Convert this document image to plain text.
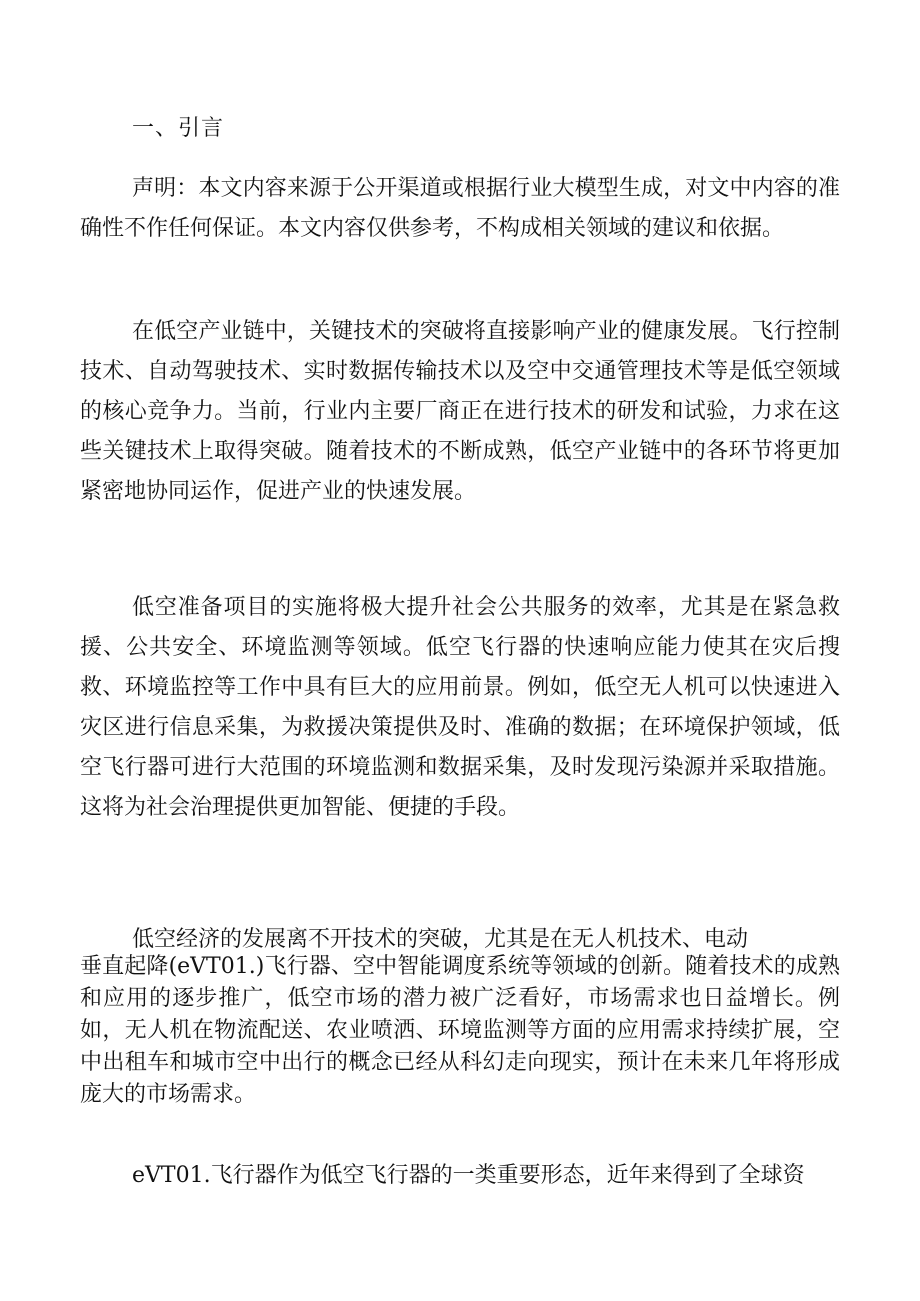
一、引言

声明：本文内容来源于公开渠道或根据行业大模型生成，对文中内容的准确性不作任何保证。本文内容仅供参考，不构成相关领域的建议和依据。

在低空产业链中，关键技术的突破将直接影响产业的健康发展。飞行控制技术、自动驾驶技术、实时数据传输技术以及空中交通管理技术等是低空领域的核心竞争力。当前，行业内主要厂商正在进行技术的研发和试验，力求在这些关键技术上取得突破。随着技术的不断成熟，低空产业链中的各环节将更加紧密地协同运作，促进产业的快速发展。

低空准备项目的实施将极大提升社会公共服务的效率，尤其是在紧急救援、公共安全、环境监测等领域。低空飞行器的快速响应能力使其在灾后搜救、环境监控等工作中具有巨大的应用前景。例如，低空无人机可以快速进入灾区进行信息采集，为救援决策提供及时、准确的数据；在环境保护领域，低空飞行器可进行大范围的环境监测和数据采集，及时发现污染源并采取措施。这将为社会治理提供更加智能、便捷的手段。

低空经济的发展离不开技术的突破，尤其是在无人机技术、电动

垂直起降(eVT01.)飞行器、空中智能调度系统等领域的创新。随着技术的成熟和应用的逐步推广，低空市场的潜力被广泛看好，市场需求也日益增长。例如，无人机在物流配送、农业喷洒、环境监测等方面的应用需求持续扩展，空中出租车和城市空中出行的概念已经从科幻走向现实，预计在未来几年将形成庞大的市场需求。

eVT01.飞行器作为低空飞行器的一类重要形态，近年来得到了全球资
